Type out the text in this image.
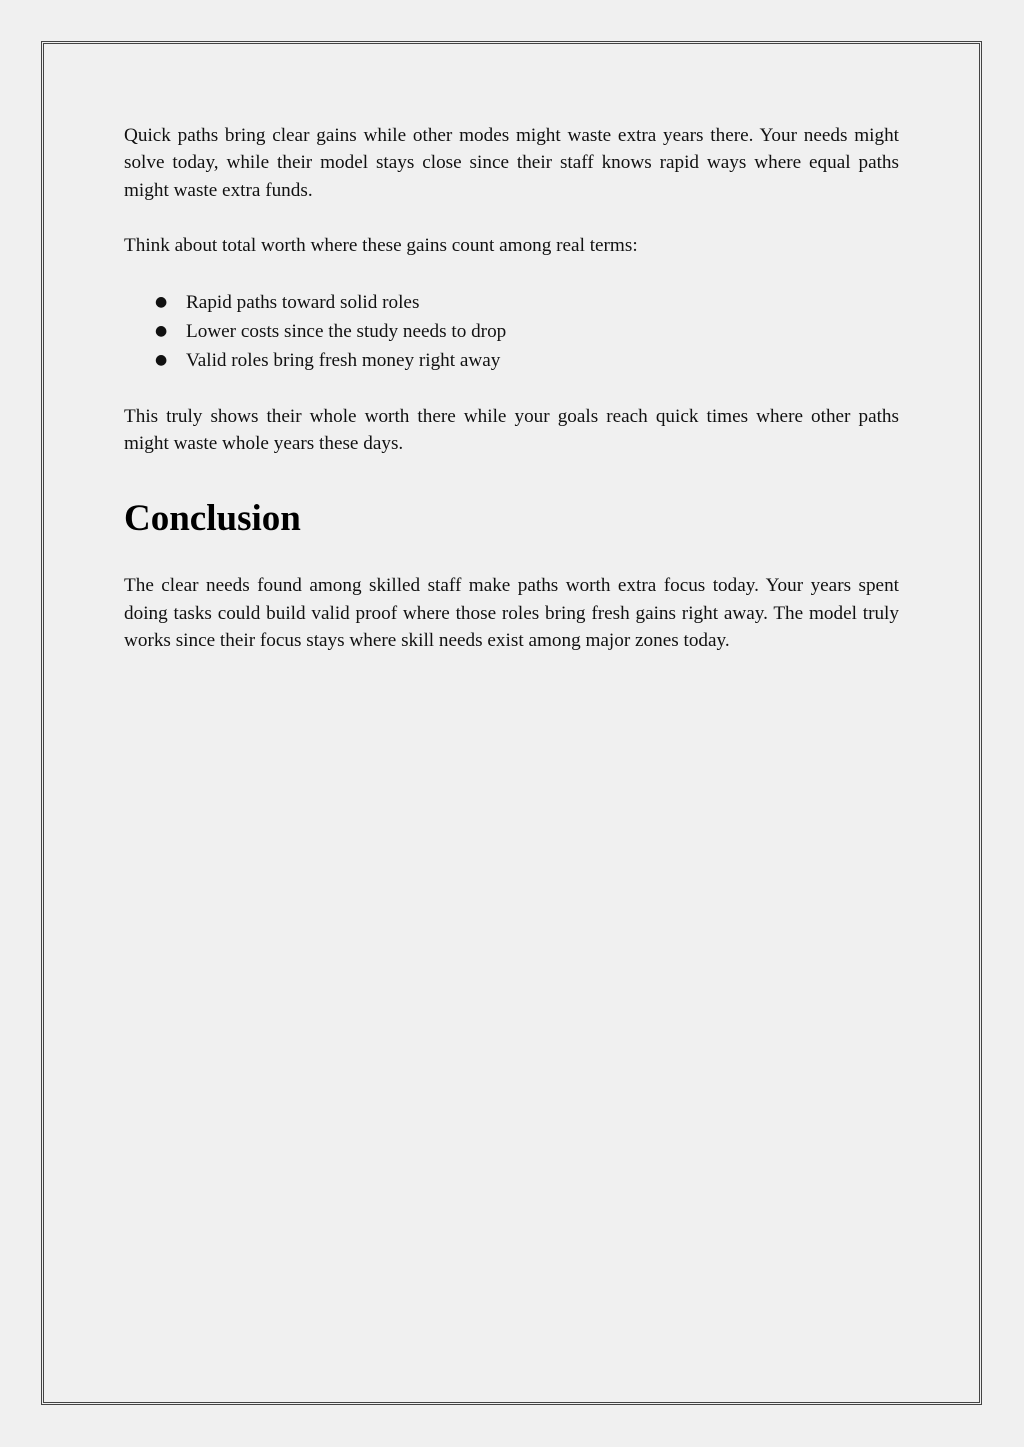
Quick paths bring clear gains while other modes might waste extra years there. Your needs might solve today, while their model stays close since their staff knows rapid ways where equal paths might waste extra funds.

Think about total worth where these gains count among real terms:

● Rapid paths toward solid roles
● Lower costs since the study needs to drop
● Valid roles bring fresh money right away

This truly shows their whole worth there while your goals reach quick times where other paths might waste whole years these days.

Conclusion

The clear needs found among skilled staff make paths worth extra focus today. Your years spent doing tasks could build valid proof where those roles bring fresh gains right away. The model truly works since their focus stays where skill needs exist among major zones today.
